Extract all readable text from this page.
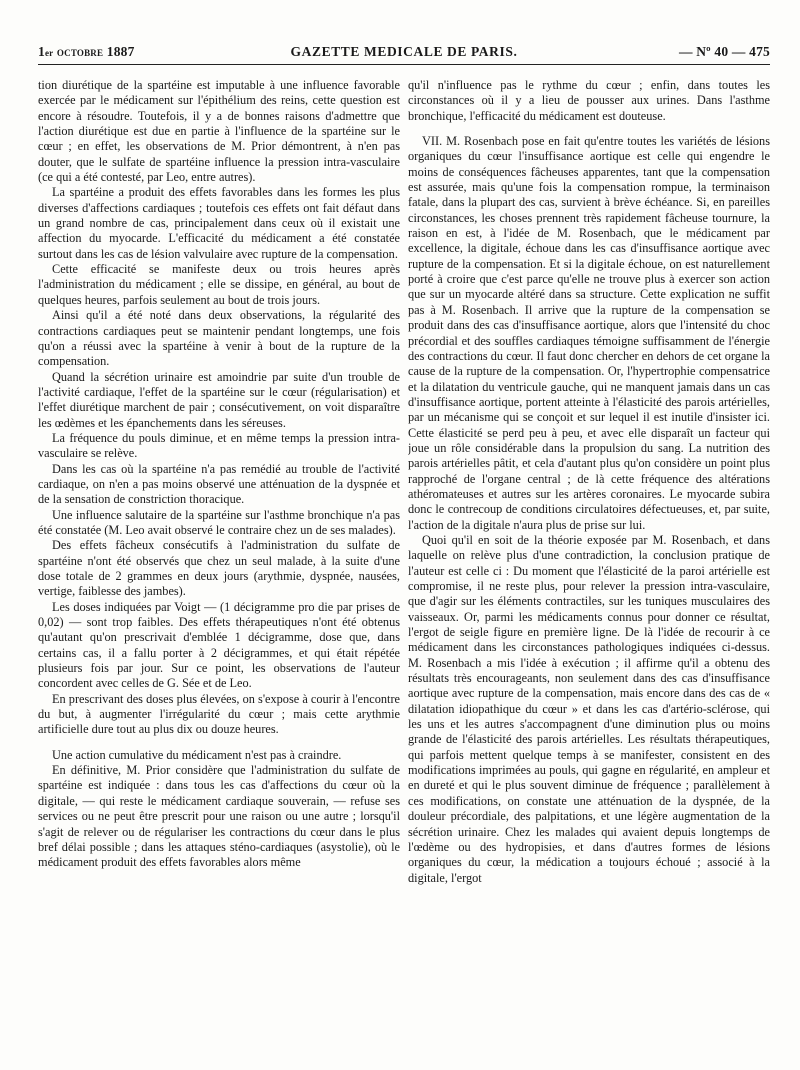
1er OCTOBRE 1887	GAZETTE MEDICALE DE PARIS.	— Nº 40 — 475

tion diurétique de la spartéine est imputable à une influence favorable exercée par le médicament sur l'épithélium des reins, cette question est encore à résoudre. Toutefois, il y a de bonnes raisons d'admettre que l'action diurétique est due en partie à l'influence de la spartéine sur le cœur ; en effet, les observations de M. Prior démontrent, à n'en pas douter, que le sulfate de spartéine influence la pression intra-vasculaire (ce qui a été contesté, par Leo, entre autres).

La spartéine a produit des effets favorables dans les formes les plus diverses d'affections cardiaques ; toutefois ces effets ont fait défaut dans un grand nombre de cas, principalement dans ceux où il existait une affection du myocarde. L'efficacité du médicament a été constatée surtout dans les cas de lésion valvulaire avec rupture de la compensation.

Cette efficacité se manifeste deux ou trois heures après l'administration du médicament ; elle se dissipe, en général, au bout de quelques heures, parfois seulement au bout de trois jours.

Ainsi qu'il a été noté dans deux observations, la régularité des contractions cardiaques peut se maintenir pendant longtemps, une fois qu'on a réussi avec la spartéine à venir à bout de la rupture de la compensation.

Quand la sécrétion urinaire est amoindrie par suite d'un trouble de l'activité cardiaque, l'effet de la spartéine sur le cœur (régularisation) et l'effet diurétique marchent de pair ; consécutivement, on voit disparaître les œdèmes et les épanchements dans les séreuses.

La fréquence du pouls diminue, et en même temps la pression intra-vasculaire se relève.

Dans les cas où la spartéine n'a pas remédié au trouble de l'activité cardiaque, on n'en a pas moins observé une atténuation de la dyspnée et de la sensation de constriction thoracique.

Une influence salutaire de la spartéine sur l'asthme bronchique n'a pas été constatée (M. Leo avait observé le contraire chez un de ses malades).

Des effets fâcheux consécutifs à l'administration du sulfate de spartéine n'ont été observés que chez un seul malade, à la suite d'une dose totale de 2 grammes en deux jours (arythmie, dyspnée, nausées, vertige, faiblesse des jambes).

Les doses indiquées par Voigt — (1 décigramme pro die par prises de 0,02) — sont trop faibles. Des effets thérapeutiques n'ont été obtenus qu'autant qu'on prescrivait d'emblée 1 décigramme, dose que, dans certains cas, il a fallu porter à 2 décigrammes, et qui était répétée plusieurs fois par jour. Sur ce point, les observations de l'auteur concordent avec celles de G. Sée et de Leo.

En prescrivant des doses plus élevées, on s'expose à courir à l'encontre du but, à augmenter l'irrégularité du cœur ; mais cette arythmie artificielle dure tout au plus dix ou douze heures.

Une action cumulative du médicament n'est pas à craindre.

En définitive, M. Prior considère que l'administration du sulfate de spartéine est indiquée : dans tous les cas d'affections du cœur où la digitale, — qui reste le médicament cardiaque souverain, — refuse ses services ou ne peut être prescrit pour une raison ou une autre ; lorsqu'il s'agit de relever ou de régulariser les contractions du cœur dans le plus bref délai possible ; dans les attaques sténo-cardiaques (asystolie), où le médicament produit des effets favorables alors même

qu'il n'influence pas le rythme du cœur ; enfin, dans toutes les circonstances où il y a lieu de pousser aux urines. Dans l'asthme bronchique, l'efficacité du médicament est douteuse.

VII. M. Rosenbach pose en fait qu'entre toutes les variétés de lésions organiques du cœur l'insuffisance aortique est celle qui engendre le moins de conséquences fâcheuses apparentes, tant que la compensation est assurée, mais qu'une fois la compensation rompue, la terminaison fatale, dans la plupart des cas, survient à brève échéance. Si, en pareilles circonstances, les choses prennent très rapidement fâcheuse tournure, la raison en est, à l'idée de M. Rosenbach, que le médicament par excellence, la digitale, échoue dans les cas d'insuffisance aortique avec rupture de la compensation. Et si la digitale échoue, on est naturellement porté à croire que c'est parce qu'elle ne trouve plus à exercer son action que sur un myocarde altéré dans sa structure. Cette explication ne suffit pas à M. Rosenbach. Il arrive que la rupture de la compensation se produit dans des cas d'insuffisance aortique, alors que l'intensité du choc précordial et des souffles cardiaques témoigne suffisamment de l'énergie des contractions du cœur. Il faut donc chercher en dehors de cet organe la cause de la rupture de la compensation. Or, l'hypertrophie compensatrice et la dilatation du ventricule gauche, qui ne manquent jamais dans un cas d'insuffisance aortique, portent atteinte à l'élasticité des parois artérielles, par un mécanisme qui se conçoit et sur lequel il est inutile d'insister ici. Cette élasticité se perd peu à peu, et avec elle disparaît un facteur qui joue un rôle considérable dans la propulsion du sang. La nutrition des parois artérielles pâtit, et cela d'autant plus qu'on considère un point plus rapproché de l'organe central ; de là cette fréquence des altérations athéromateuses et autres sur les artères coronaires. Le myocarde subira donc le contrecoup de conditions circulatoires défectueuses, et, par suite, l'action de la digitale n'aura plus de prise sur lui.

Quoi qu'il en soit de la théorie exposée par M. Rosenbach, et dans laquelle on relève plus d'une contradiction, la conclusion pratique de l'auteur est celle ci : Du moment que l'élasticité de la paroi artérielle est compromise, il ne reste plus, pour relever la pression intra-vasculaire, que d'agir sur les éléments contractiles, sur les tuniques musculaires des vaisseaux. Or, parmi les médicaments connus pour donner ce résultat, l'ergot de seigle figure en première ligne. De là l'idée de recourir à ce médicament dans les circonstances pathologiques indiquées ci-dessus. M. Rosenbach a mis l'idée à exécution ; il affirme qu'il a obtenu des résultats très encourageants, non seulement dans des cas d'insuffisance aortique avec rupture de la compensation, mais encore dans des cas de « dilatation idiopathique du cœur » et dans les cas d'artério-sclérose, qui les uns et les autres s'accompagnent d'une diminution plus ou moins grande de l'élasticité des parois artérielles. Les résultats thérapeutiques, qui parfois mettent quelque temps à se manifester, consistent en des modifications imprimées au pouls, qui gagne en régularité, en ampleur et en dureté et qui le plus souvent diminue de fréquence ; parallèlement à ces modifications, on constate une atténuation de la dyspnée, de la douleur précordiale, des palpitations, et une légère augmentation de la sécrétion urinaire. Chez les malades qui avaient depuis longtemps de l'œdème ou des hydropisies, et dans d'autres formes de lésions organiques du cœur, la médication a toujours échoué ; associé à la digitale, l'ergot
